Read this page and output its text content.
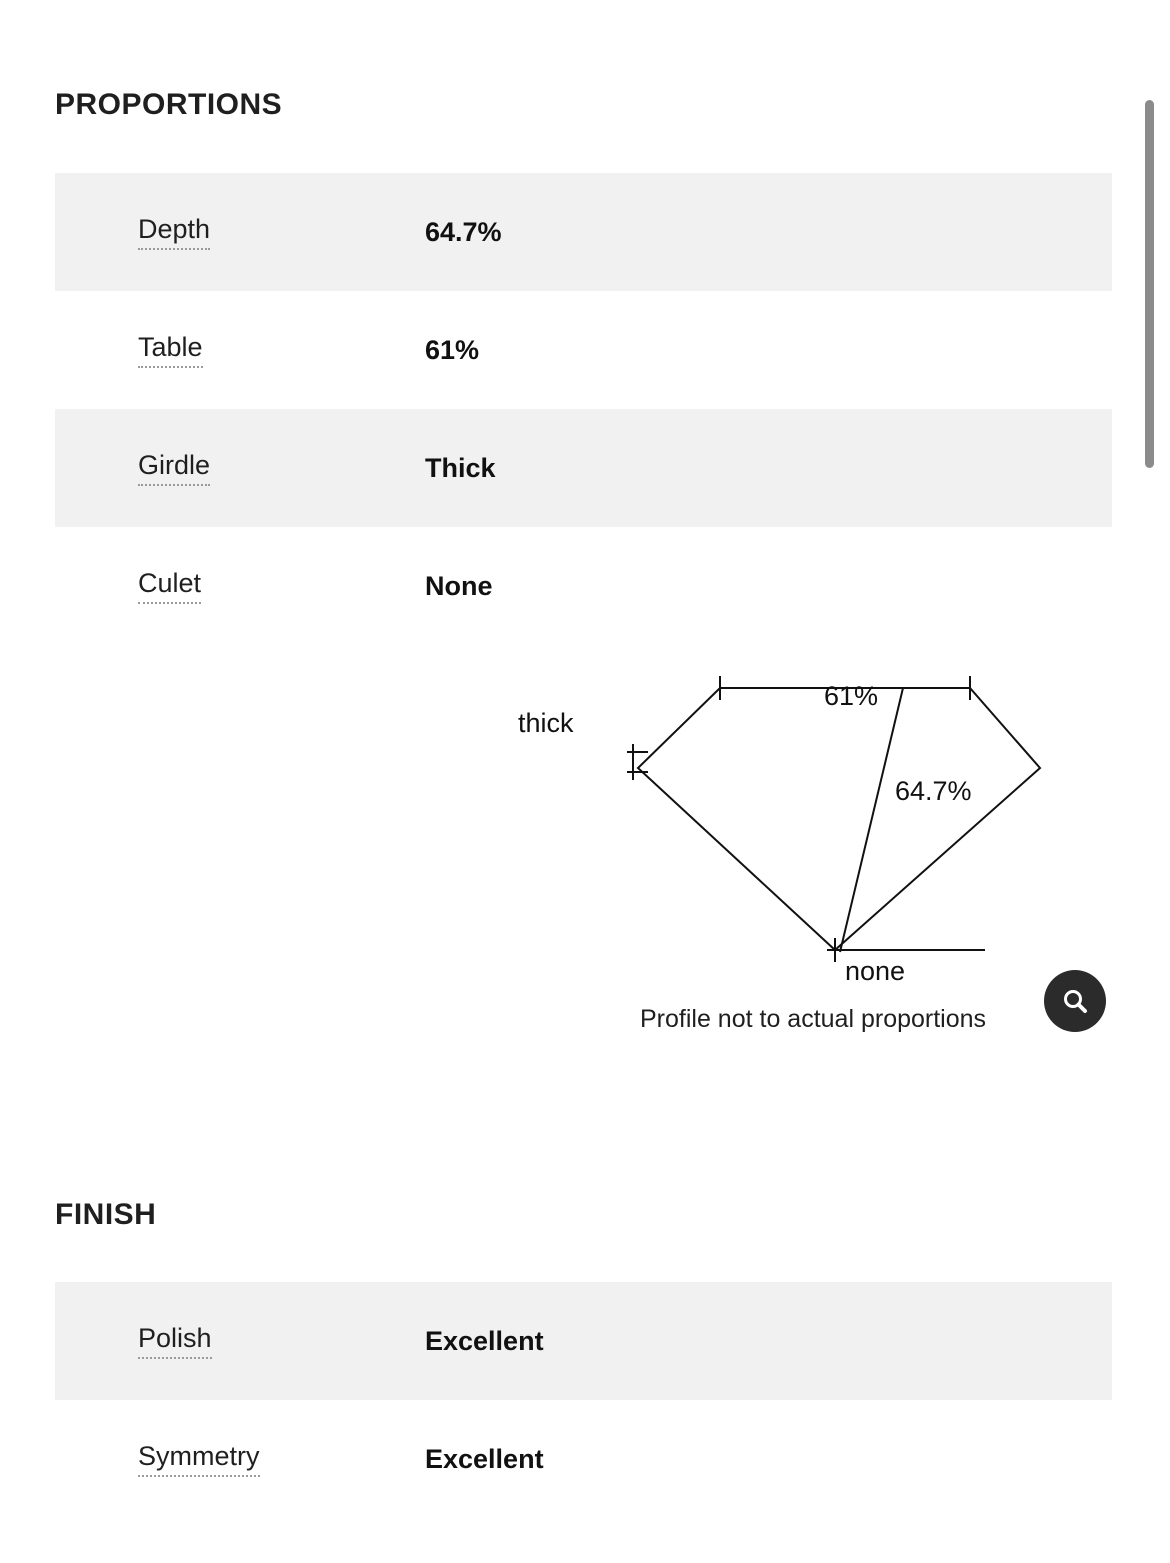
PROPORTIONS
Depth	64.7%
Table	61%
Girdle	Thick
Culet	None
61%
64.7%
thick
none
Profile not to actual proportions
FINISH
Polish	Excellent
Symmetry	Excellent
